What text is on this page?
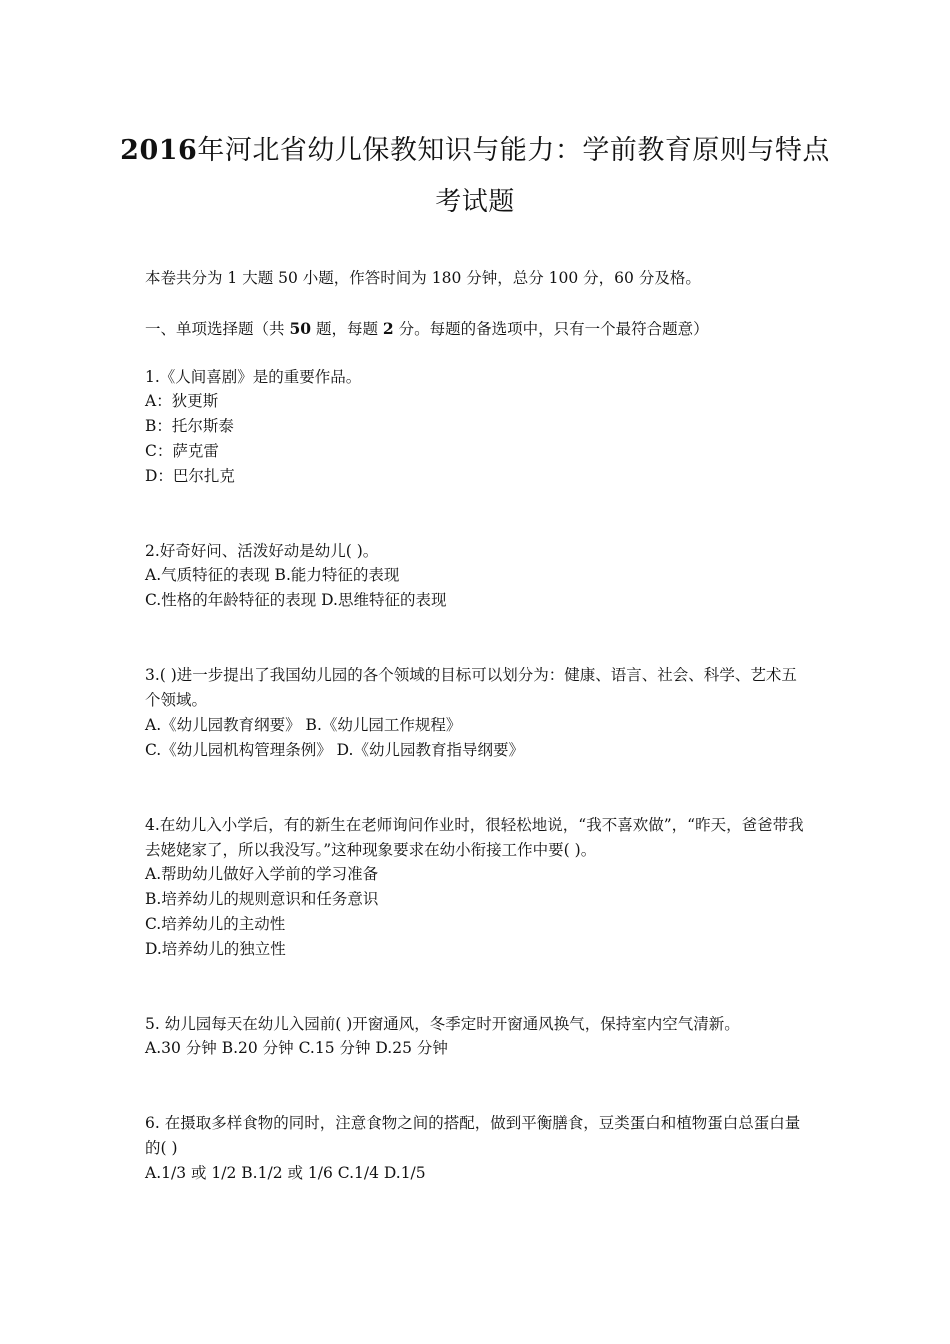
2016年河北省幼儿保教知识与能力：学前教育原则与特点
考试题
本卷共分为 1 大题 50 小题，作答时间为 180 分钟，总分 100 分，60 分及格。
一、单项选择题（共 50 题，每题 2 分。每题的备选项中，只有一个最符合题意）
1.《人间喜剧》是的重要作品。
A：狄更斯
B：托尔斯泰
C：萨克雷
D：巴尔扎克
2.好奇好问、活泼好动是幼儿( )。
A.气质特征的表现 B.能力特征的表现
C.性格的年龄特征的表现 D.思维特征的表现
3.( )进一步提出了我国幼儿园的各个领域的目标可以划分为：健康、语言、社会、科学、艺术五个领域。
A.《幼儿园教育纲要》 B.《幼儿园工作规程》
C.《幼儿园机构管理条例》 D.《幼儿园教育指导纲要》
4.在幼儿入小学后，有的新生在老师询问作业时，很轻松地说，“我不喜欢做”，“昨天，爸爸带我去姥姥家了，所以我没写。”这种现象要求在幼小衔接工作中要( )。
A.帮助幼儿做好入学前的学习准备
B.培养幼儿的规则意识和任务意识
C.培养幼儿的主动性
D.培养幼儿的独立性
5. 幼儿园每天在幼儿入园前( )开窗通风，冬季定时开窗通风换气，保持室内空气清新。
A.30 分钟 B.20 分钟 C.15 分钟 D.25 分钟
6. 在摄取多样食物的同时，注意食物之间的搭配，做到平衡膳食，豆类蛋白和植物蛋白总蛋白量的( )
A.1/3 或 1/2 B.1/2 或 1/6 C.1/4 D.1/5
